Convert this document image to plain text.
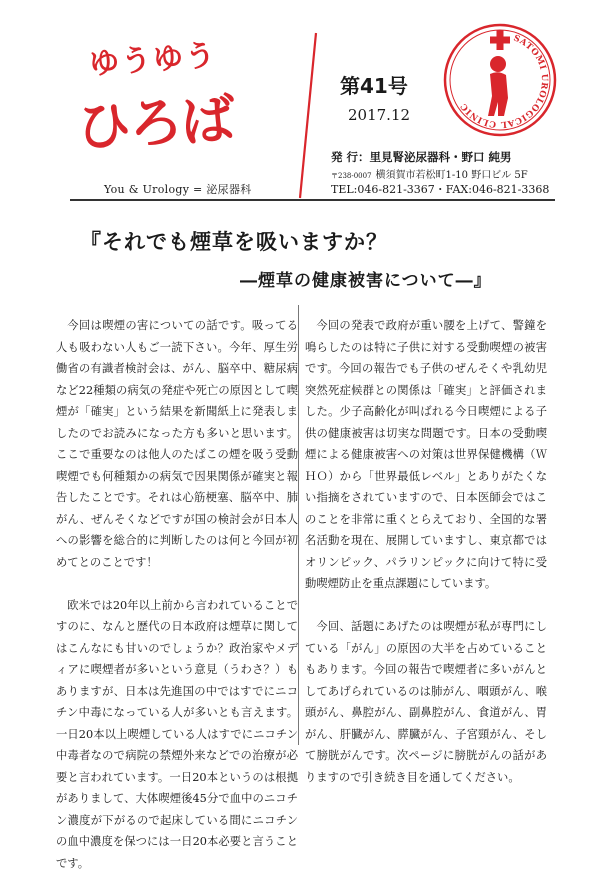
ゆうゆう
ひろば
You & Urology = 泌尿器科
第41号
2017.12
発 行：里見腎泌尿器科・野口 純男
〒238-0007 横須賀市若松町1-10 野口ビル 5F
TEL:046-821-3367・FAX:046-821-3368
SATOMI UROLOGICAL CLINIC
『それでも煙草を吸いますか？
―煙草の健康被害について―』

今回は喫煙の害についての話です。吸ってる人も吸わない人もご一読下さい。今年、厚生労働省の有識者検討会は、がん、脳卒中、糖尿病など22種類の病気の発症や死亡の原因として喫煙が「確実」という結果を新聞紙上に発表しましたのでお読みになった方も多いと思います。ここで重要なのは他人のたばこの煙を吸う受動喫煙でも何種類かの病気で因果関係が確実と報告したことです。それは心筋梗塞、脳卒中、肺がん、ぜんそくなどですが国の検討会が日本人への影響を総合的に判断したのは何と今回が初めてとのことです！

欧米では20年以上前から言われていることですのに、なんと歴代の日本政府は煙草に関してはこんなにも甘いのでしょうか？政治家やメディアに喫煙者が多いという意見（うわさ？）もありますが、日本は先進国の中ではすでにニコチン中毒になっている人が多いとも言えます。一日20本以上喫煙している人はすでにニコチン中毒者なので病院の禁煙外来などでの治療が必要と言われています。一日20本というのは根拠がありまして、大体喫煙後45分で血中のニコチン濃度が下がるので起床している間にニコチンの血中濃度を保つには一日20本必要と言うことです。

今回の発表で政府が重い腰を上げて、警鐘を鳴らしたのは特に子供に対する受動喫煙の被害です。今回の報告でも子供のぜんそくや乳幼児突然死症候群との関係は「確実」と評価されました。少子高齢化が叫ばれる今日喫煙による子供の健康被害は切実な問題です。日本の受動喫煙による健康被害への対策は世界保健機構（ＷＨＯ）から「世界最低レベル」とありがたくない指摘をされていますので、日本医師会ではこのことを非常に重くとらえており、全国的な署名活動を現在、展開していますし、東京都ではオリンピック、パラリンピックに向けて特に受動喫煙防止を重点課題にしています。

今回、話題にあげたのは喫煙が私が専門にしている「がん」の原因の大半を占めていることもあります。今回の報告で喫煙者に多いがんとしてあげられているのは肺がん、咽頭がん、喉頭がん、鼻腔がん、副鼻腔がん、食道がん、胃がん、肝臓がん、膵臓がん、子宮頸がん、そして膀胱がんです。次ページに膀胱がんの話がありますので引き続き目を通してください。
